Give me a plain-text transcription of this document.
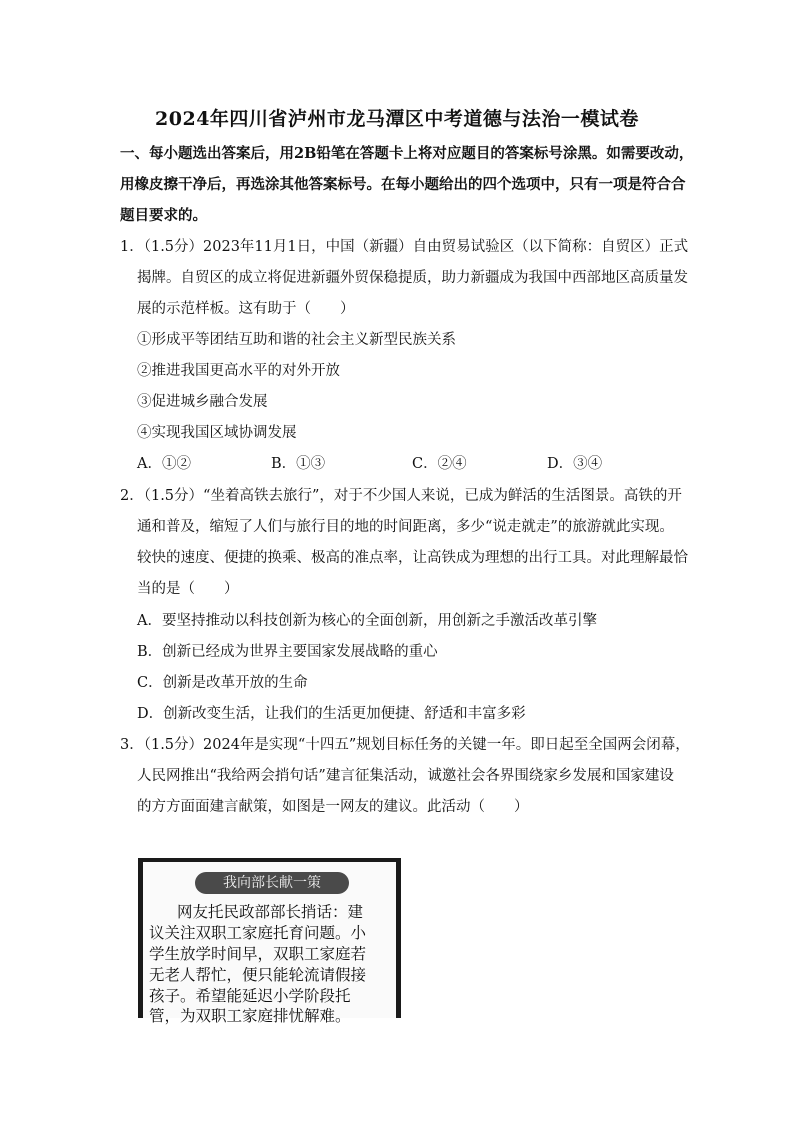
2024年四川省泸州市龙马潭区中考道德与法治一模试卷
一、每小题选出答案后，用2B铅笔在答题卡上将对应题目的答案标号涂黑。如需要改动，
用橡皮擦干净后，再选涂其他答案标号。在每小题给出的四个选项中，只有一项是符合合
题目要求的。
1．（1.5分）2023年11月1日，中国（新疆）自由贸易试验区（以下简称：自贸区）正式
揭牌。自贸区的成立将促进新疆外贸保稳提质，助力新疆成为我国中西部地区高质量发
展的示范样板。这有助于（　　）
①形成平等团结互助和谐的社会主义新型民族关系
②推进我国更高水平的对外开放
③促进城乡融合发展
④实现我国区域协调发展
A．①②	B．①③	C．②④	D．③④
2．（1.5分）“坐着高铁去旅行”，对于不少国人来说，已成为鲜活的生活图景。高铁的开
通和普及，缩短了人们与旅行目的地的时间距离，多少“说走就走”的旅游就此实现。
较快的速度、便捷的换乘、极高的准点率，让高铁成为理想的出行工具。对此理解最恰
当的是（　　）
A．要坚持推动以科技创新为核心的全面创新，用创新之手激活改革引擎
B．创新已经成为世界主要国家发展战略的重心
C．创新是改革开放的生命
D．创新改变生活，让我们的生活更加便捷、舒适和丰富多彩
3．（1.5分）2024年是实现“十四五”规划目标任务的关键一年。即日起至全国两会闭幕，
人民网推出“我给两会捎句话”建言征集活动，诚邀社会各界围绕家乡发展和国家建设
的方方面面建言献策，如图是一网友的建议。此活动（　　）
我向部长献一策
网友托民政部部长捎话：建
议关注双职工家庭托育问题。小
学生放学时间早，双职工家庭若
无老人帮忙，便只能轮流请假接
孩子。希望能延迟小学阶段托
管，为双职工家庭排忧解难。
